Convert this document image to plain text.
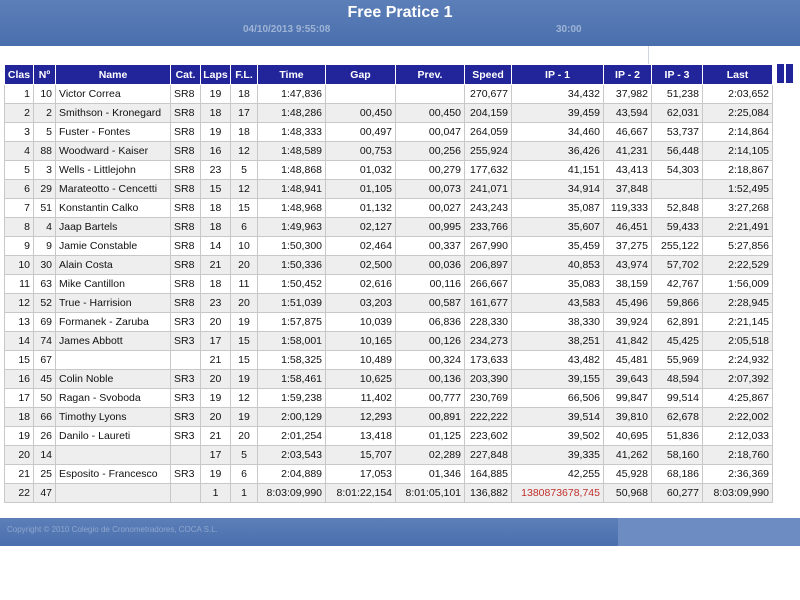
Free Pratice 1
04/10/2013 9:55:08	30:00
Clas	Nº	Name	Cat.	Laps	F.L.	Time	Gap	Prev.	Speed	IP - 1	IP - 2	IP - 3	Last
1	10	Victor Correa	SR8	19	18	1:47,836			270,677	34,432	37,982	51,238	2:03,652
2	2	Smithson - Kronegard	SR8	18	17	1:48,286	00,450	00,450	204,159	39,459	43,594	62,031	2:25,084
3	5	Fuster - Fontes	SR8	19	18	1:48,333	00,497	00,047	264,059	34,460	46,667	53,737	2:14,864
4	88	Woodward - Kaiser	SR8	16	12	1:48,589	00,753	00,256	255,924	36,426	41,231	56,448	2:14,105
5	3	Wells - Littlejohn	SR8	23	5	1:48,868	01,032	00,279	177,632	41,151	43,413	54,303	2:18,867
6	29	Marateotto - Cencetti	SR8	15	12	1:48,941	01,105	00,073	241,071	34,914	37,848		1:52,495
7	51	Konstantin Calko	SR8	18	15	1:48,968	01,132	00,027	243,243	35,087	119,333	52,848	3:27,268
8	4	Jaap Bartels	SR8	18	6	1:49,963	02,127	00,995	233,766	35,607	46,451	59,433	2:21,491
9	9	Jamie Constable	SR8	14	10	1:50,300	02,464	00,337	267,990	35,459	37,275	255,122	5:27,856
10	30	Alain Costa	SR8	21	20	1:50,336	02,500	00,036	206,897	40,853	43,974	57,702	2:22,529
11	63	Mike Cantillon	SR8	18	11	1:50,452	02,616	00,116	266,667	35,083	38,159	42,767	1:56,009
12	52	True - Harrision	SR8	23	20	1:51,039	03,203	00,587	161,677	43,583	45,496	59,866	2:28,945
13	69	Formanek - Zaruba	SR3	20	19	1:57,875	10,039	06,836	228,330	38,330	39,924	62,891	2:21,145
14	74	James Abbott	SR3	17	15	1:58,001	10,165	00,126	234,273	38,251	41,842	45,425	2:05,518
15	67			21	15	1:58,325	10,489	00,324	173,633	43,482	45,481	55,969	2:24,932
16	45	Colin Noble	SR3	20	19	1:58,461	10,625	00,136	203,390	39,155	39,643	48,594	2:07,392
17	50	Ragan - Svoboda	SR3	19	12	1:59,238	11,402	00,777	230,769	66,506	99,847	99,514	4:25,867
18	66	Timothy Lyons	SR3	20	19	2:00,129	12,293	00,891	222,222	39,514	39,810	62,678	2:22,002
19	26	Danilo - Laureti	SR3	21	20	2:01,254	13,418	01,125	223,602	39,502	40,695	51,836	2:12,033
20	14			17	5	2:03,543	15,707	02,289	227,848	39,335	41,262	58,160	2:18,760
21	25	Esposito - Francesco	SR3	19	6	2:04,889	17,053	01,346	164,885	42,255	45,928	68,186	2:36,369
22	47			1	1	8:03:09,990	8:01:22,154	8:01:05,101	136,882	1380873678,745	50,968	60,277	8:03:09,990
Copyright © 2010 Colegio de Cronometradores, COCA S.L.
